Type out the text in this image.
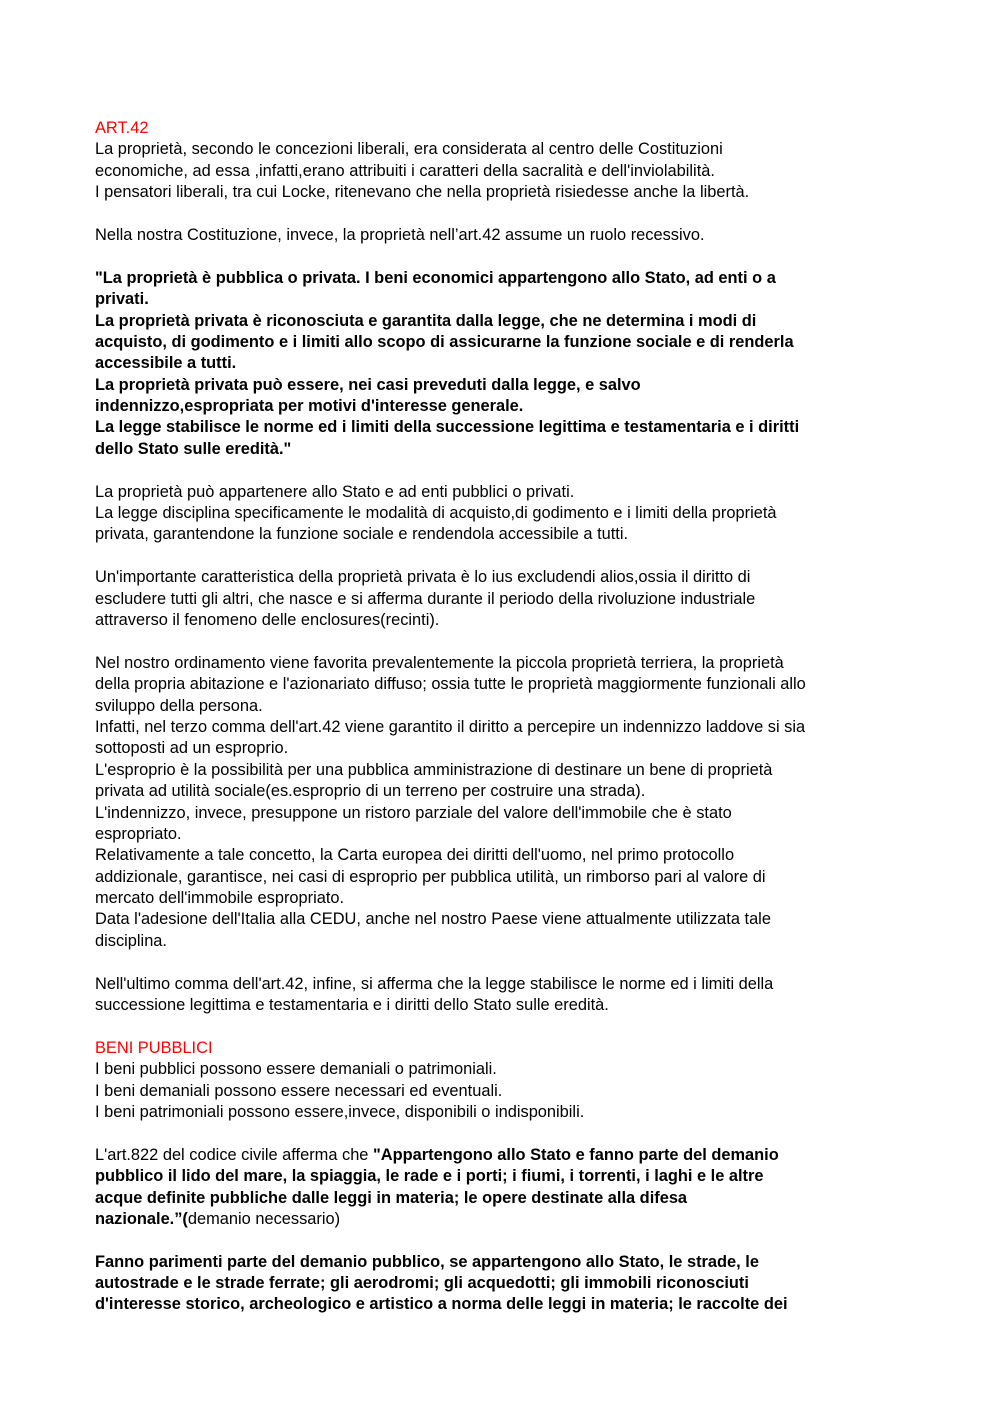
ART.42
La proprietà, secondo le concezioni liberali, era considerata al centro delle Costituzioni
economiche, ad essa ,infatti,erano attribuiti i caratteri della sacralità e dell'inviolabilità.
I pensatori liberali, tra cui Locke, ritenevano che nella proprietà risiedesse anche la libertà.
Nella nostra Costituzione, invece, la proprietà nell’art.42 assume un ruolo recessivo.
"La proprietà è pubblica o privata. I beni economici appartengono allo Stato, ad enti o a
privati.
La proprietà privata è riconosciuta e garantita dalla legge, che ne determina i modi di
acquisto, di godimento e i limiti allo scopo di assicurarne la funzione sociale e di renderla
accessibile a tutti.
La proprietà privata può essere, nei casi preveduti dalla legge, e salvo
indennizzo,espropriata per motivi d'interesse generale.
La legge stabilisce le norme ed i limiti della successione legittima e testamentaria e i diritti
dello Stato sulle eredità."
La proprietà può appartenere allo Stato e ad enti pubblici o privati.
La legge disciplina specificamente le modalità di acquisto,di godimento e i limiti della proprietà
privata, garantendone la funzione sociale e rendendola accessibile a tutti.
Un'importante caratteristica della proprietà privata è lo ius excludendi alios,ossia il diritto di
escludere tutti gli altri, che nasce e si afferma durante il periodo della rivoluzione industriale
attraverso il fenomeno delle enclosures(recinti).
Nel nostro ordinamento viene favorita prevalentemente la piccola proprietà terriera, la proprietà
della propria abitazione e l'azionariato diffuso; ossia tutte le proprietà maggiormente funzionali allo
sviluppo della persona.
Infatti, nel terzo comma dell'art.42 viene garantito il diritto a percepire un indennizzo laddove si sia
sottoposti ad un esproprio.
L'esproprio è la possibilità per una pubblica amministrazione di destinare un bene di proprietà
privata ad utilità sociale(es.esproprio di un terreno per costruire una strada).
L'indennizzo, invece, presuppone un ristoro parziale del valore dell'immobile che è stato
espropriato.
Relativamente a tale concetto, la Carta europea dei diritti dell'uomo, nel primo protocollo
addizionale, garantisce, nei casi di esproprio per pubblica utilità, un rimborso pari al valore di
mercato dell'immobile espropriato.
Data l'adesione dell'Italia alla CEDU, anche nel nostro Paese viene attualmente utilizzata tale
disciplina.
Nell'ultimo comma dell'art.42, infine, si afferma che la legge stabilisce le norme ed i limiti della
successione legittima e testamentaria e i diritti dello Stato sulle eredità.
BENI PUBBLICI
I beni pubblici possono essere demaniali o patrimoniali.
I beni demaniali possono essere necessari ed eventuali.
I beni patrimoniali possono essere,invece, disponibili o indisponibili.
L'art.822 del codice civile afferma che "Appartengono allo Stato e fanno parte del demanio
pubblico il lido del mare, la spiaggia, le rade e i porti; i fiumi, i torrenti, i laghi e le altre
acque definite pubbliche dalle leggi in materia; le opere destinate alla difesa
nazionale.”(demanio necessario)
Fanno parimenti parte del demanio pubblico, se appartengono allo Stato, le strade, le
autostrade e le strade ferrate; gli aerodromi; gli acquedotti; gli immobili riconosciuti
d'interesse storico, archeologico e artistico a norma delle leggi in materia; le raccolte dei
